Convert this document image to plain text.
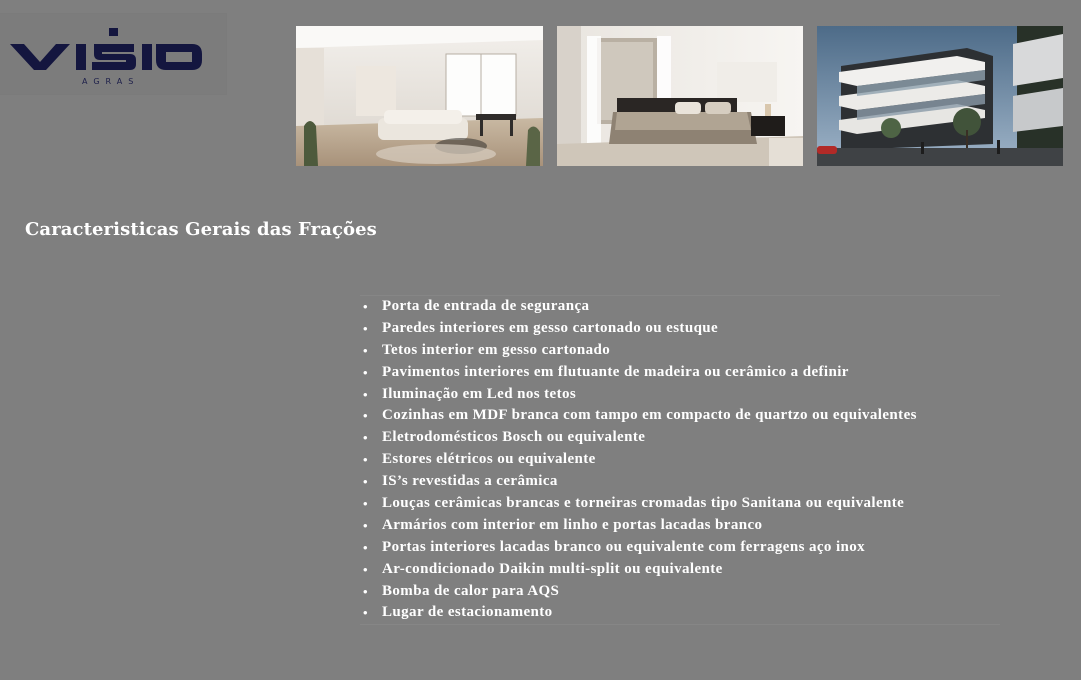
AGRAS
Caracteristicas Gerais das Frações
• Porta de entrada de segurança
• Paredes interiores em gesso cartonado ou estuque
• Tetos interior em gesso cartonado
• Pavimentos interiores em flutuante de madeira ou cerâmico a definir
• Iluminação em Led nos tetos
• Cozinhas em MDF branca com tampo em compacto de quartzo ou equivalentes
• Eletrodomésticos Bosch ou equivalente
• Estores elétricos ou equivalente
• IS’s revestidas a cerâmica
• Louças cerâmicas brancas e torneiras cromadas tipo Sanitana ou equivalente
• Armários com interior em linho e portas lacadas branco
• Portas interiores lacadas branco ou equivalente com ferragens aço inox
• Ar-condicionado Daikin multi-split ou equivalente
• Bomba de calor para AQS
• Lugar de estacionamento
